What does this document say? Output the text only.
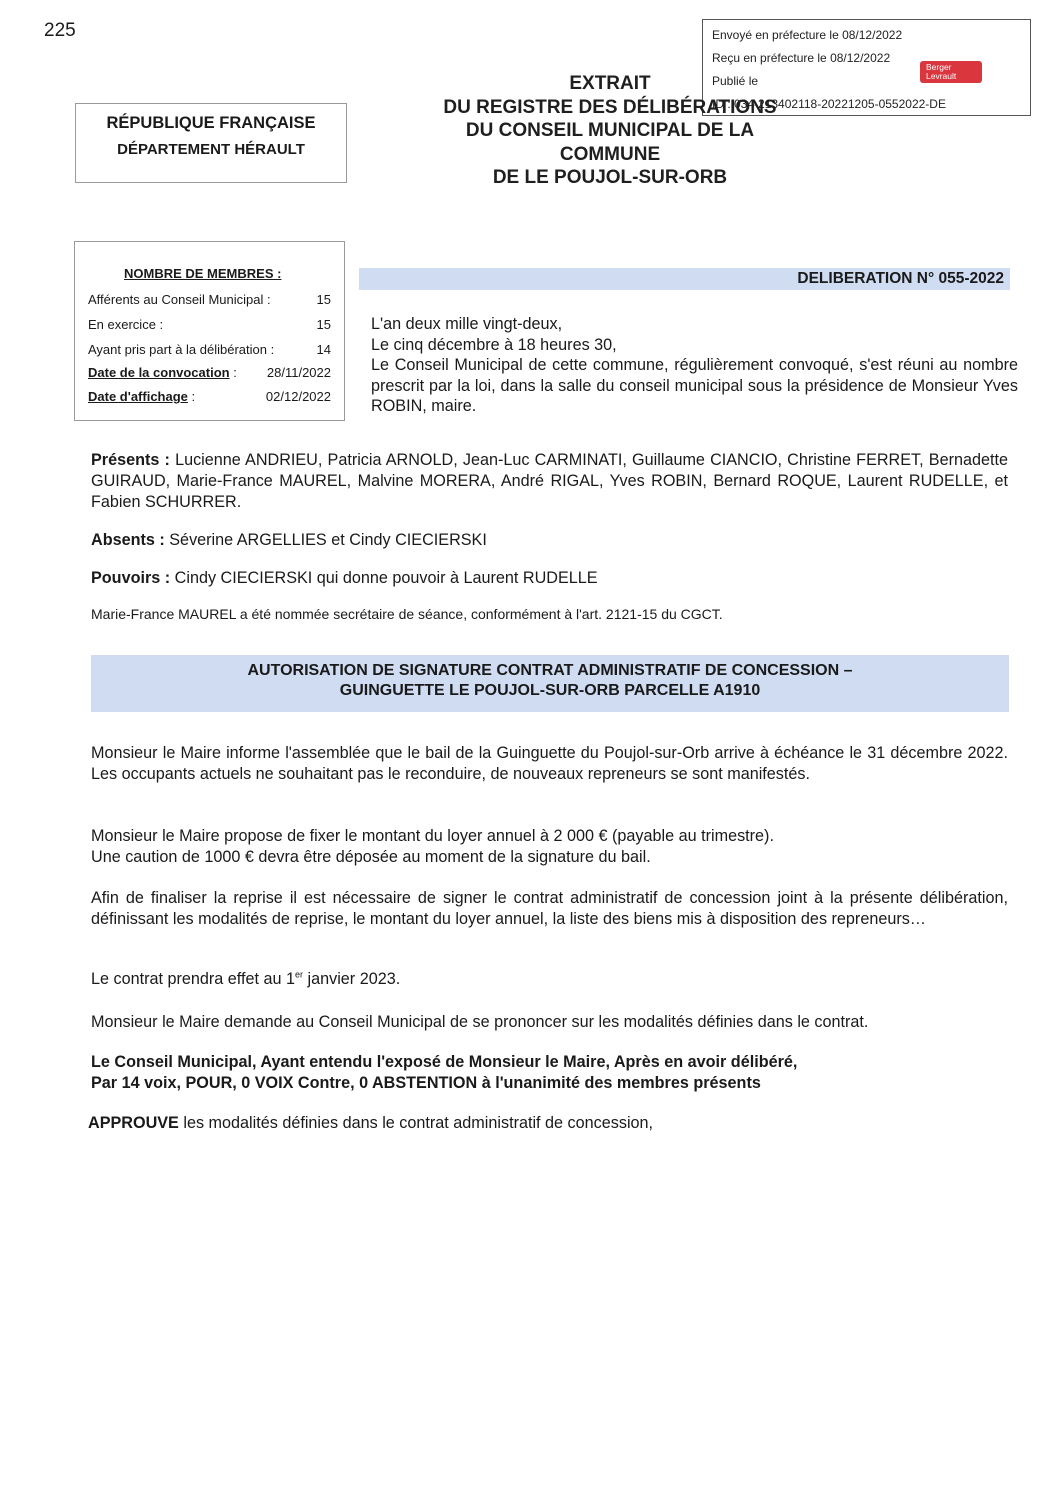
225	Envoyé en préfecture le 08/12/2022
Reçu en préfecture le 08/12/2022
Publié le
ID : 034-213402118-20221205-0552022-DE
Berger
Levrault
EXTRAIT
DU REGISTRE DES DÉLIBÉRATIONS
DU CONSEIL MUNICIPAL DE LA
COMMUNE
DE LE POUJOL-SUR-ORB
RÉPUBLIQUE FRANÇAISE
DÉPARTEMENT HÉRAULT
NOMBRE DE MEMBRES :
Afférents au Conseil Municipal :	15
En exercice :	15
Ayant pris part à la délibération :	14
Date de la convocation : 28/11/2022
Date d'affichage :	02/12/2022
DELIBERATION N° 055-2022
L'an deux mille vingt-deux,
Le cinq décembre à 18 heures 30,
Le Conseil Municipal de cette commune, régulièrement convoqué, s'est réuni au nombre prescrit par la loi, dans la salle du conseil municipal sous la présidence de Monsieur Yves ROBIN, maire.
Présents : Lucienne ANDRIEU, Patricia ARNOLD, Jean-Luc CARMINATI, Guillaume CIANCIO, Christine FERRET, Bernadette GUIRAUD, Marie-France MAUREL, Malvine MORERA, André RIGAL, Yves ROBIN, Bernard ROQUE, Laurent RUDELLE, et Fabien SCHURRER.
Absents : Séverine ARGELLIES et Cindy CIECIERSKI
Pouvoirs : Cindy CIECIERSKI qui donne pouvoir à Laurent RUDELLE
Marie-France MAUREL a été nommée secrétaire de séance, conformément à l'art. 2121-15 du CGCT.
AUTORISATION DE SIGNATURE CONTRAT ADMINISTRATIF DE CONCESSION –
GUINGUETTE LE POUJOL-SUR-ORB PARCELLE A1910
Monsieur le Maire informe l'assemblée que le bail de la Guinguette du Poujol-sur-Orb arrive à échéance le 31 décembre 2022. Les occupants actuels ne souhaitant pas le reconduire, de nouveaux repreneurs se sont manifestés.
Monsieur le Maire propose de fixer le montant du loyer annuel à 2 000 € (payable au trimestre).
Une caution de 1000 € devra être déposée au moment de la signature du bail.
Afin de finaliser la reprise il est nécessaire de signer le contrat administratif de concession joint à la présente délibération, définissant les modalités de reprise, le montant du loyer annuel, la liste des biens mis à disposition des repreneurs…
Le contrat prendra effet au 1er janvier 2023.
Monsieur le Maire demande au Conseil Municipal de se prononcer sur les modalités définies dans le contrat.
Le Conseil Municipal, Ayant entendu l'exposé de Monsieur le Maire, Après en avoir délibéré,
Par 14 voix, POUR, 0 VOIX Contre, 0 ABSTENTION à l'unanimité des membres présents
APPROUVE les modalités définies dans le contrat administratif de concession,
